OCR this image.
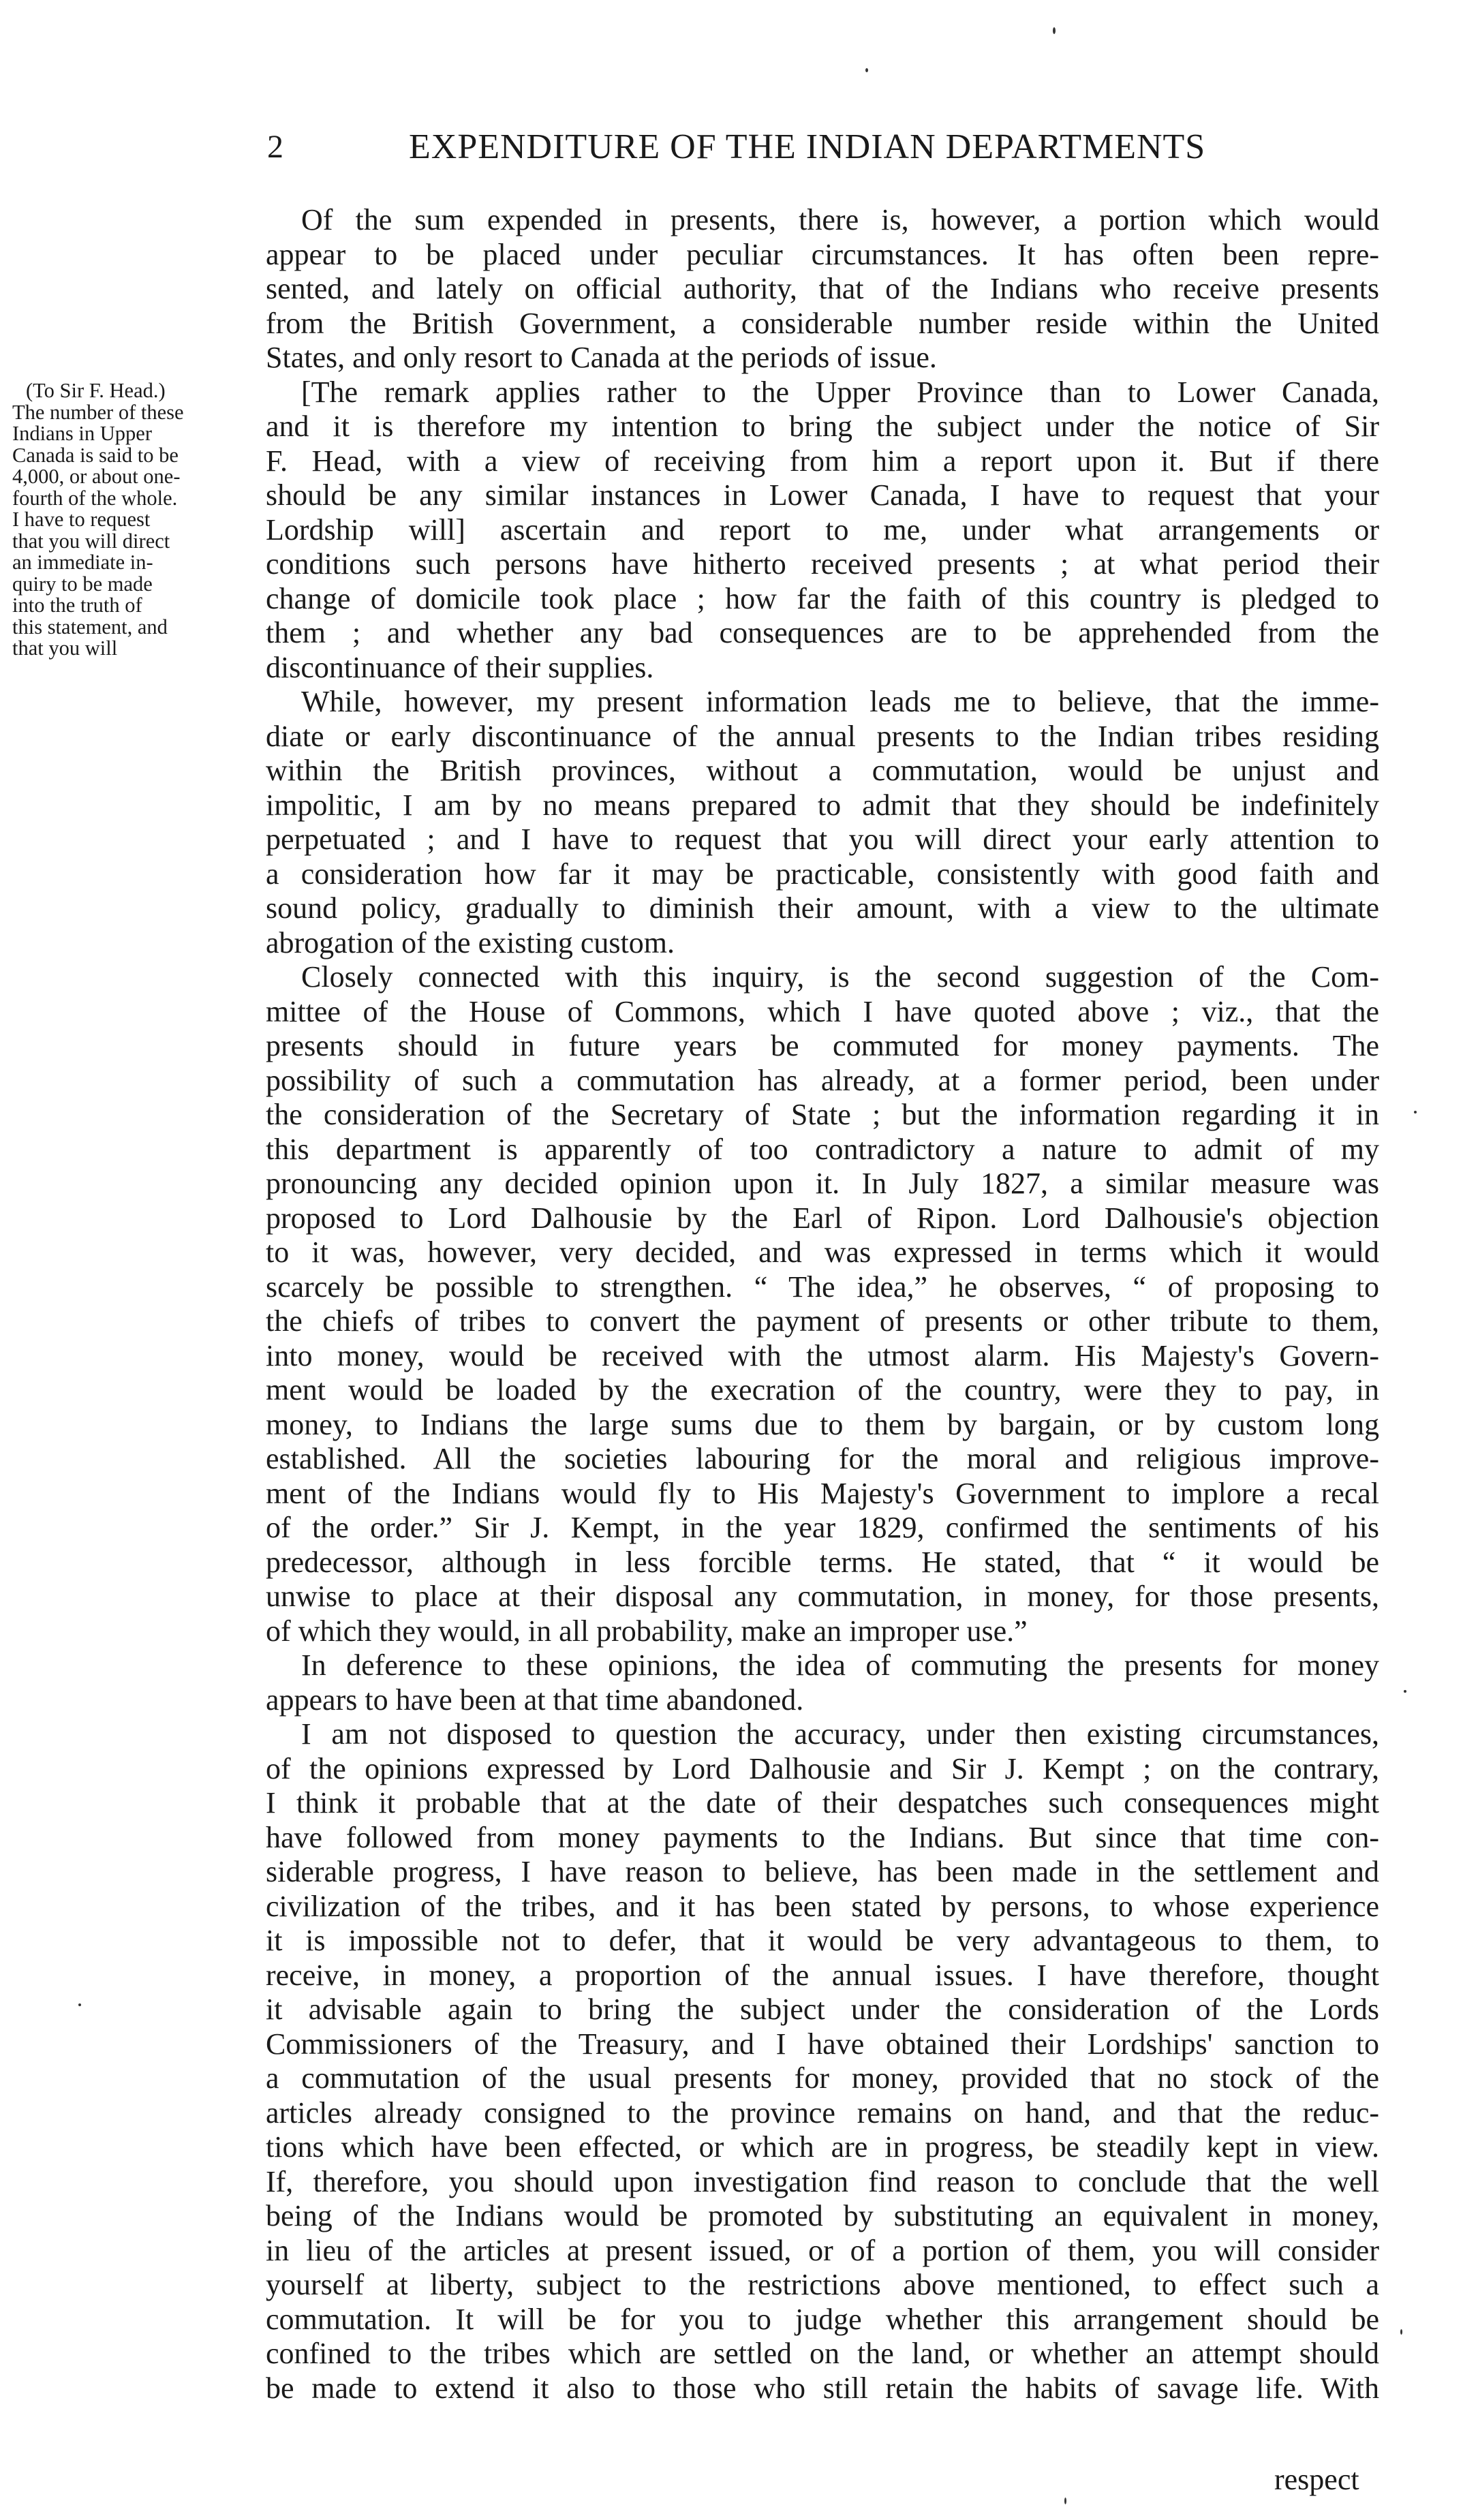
2	EXPENDITURE OF THE INDIAN DEPARTMENTS
(To Sir F. Head.)
The number of these
Indians in Upper
Canada is said to be
4,000, or about one-
fourth of the whole.
I have to request
that you will direct
an immediate in-
quiry to be made
into the truth of
this statement, and
that you will
Of the sum expended in presents, there is, however, a portion which would
appear to be placed under peculiar circumstances. It has often been repre-
sented, and lately on official authority, that of the Indians who receive presents
from the British Government, a considerable number reside within the United
States, and only resort to Canada at the periods of issue.
[The remark applies rather to the Upper Province than to Lower Canada,
and it is therefore my intention to bring the subject under the notice of Sir
F. Head, with a view of receiving from him a report upon it. But if there
should be any similar instances in Lower Canada, I have to request that your
Lordship will] ascertain and report to me, under what arrangements or
conditions such persons have hitherto received presents ; at what period their
change of domicile took place ; how far the faith of this country is pledged to
them ; and whether any bad consequences are to be apprehended from the
discontinuance of their supplies.
While, however, my present information leads me to believe, that the imme-
diate or early discontinuance of the annual presents to the Indian tribes residing
within the British provinces, without a commutation, would be unjust and
impolitic, I am by no means prepared to admit that they should be indefinitely
perpetuated ; and I have to request that you will direct your early attention to
a consideration how far it may be practicable, consistently with good faith and
sound policy, gradually to diminish their amount, with a view to the ultimate
abrogation of the existing custom.
Closely connected with this inquiry, is the second suggestion of the Com-
mittee of the House of Commons, which I have quoted above ; viz., that the
presents should in future years be commuted for money payments. The
possibility of such a commutation has already, at a former period, been under
the consideration of the Secretary of State ; but the information regarding it in
this department is apparently of too contradictory a nature to admit of my
pronouncing any decided opinion upon it. In July 1827, a similar measure was
proposed to Lord Dalhousie by the Earl of Ripon. Lord Dalhousie's objection
to it was, however, very decided, and was expressed in terms which it would
scarcely be possible to strengthen. “ The idea,” he observes, “ of proposing to
the chiefs of tribes to convert the payment of presents or other tribute to them,
into money, would be received with the utmost alarm. His Majesty's Govern-
ment would be loaded by the execration of the country, were they to pay, in
money, to Indians the large sums due to them by bargain, or by custom long
established. All the societies labouring for the moral and religious improve-
ment of the Indians would fly to His Majesty's Government to implore a recal
of the order.” Sir J. Kempt, in the year 1829, confirmed the sentiments of his
predecessor, although in less forcible terms. He stated, that “ it would be
unwise to place at their disposal any commutation, in money, for those presents,
of which they would, in all probability, make an improper use.”
In deference to these opinions, the idea of commuting the presents for money
appears to have been at that time abandoned.
I am not disposed to question the accuracy, under then existing circumstances,
of the opinions expressed by Lord Dalhousie and Sir J. Kempt ; on the contrary,
I think it probable that at the date of their despatches such consequences might
have followed from money payments to the Indians. But since that time con-
siderable progress, I have reason to believe, has been made in the settlement and
civilization of the tribes, and it has been stated by persons, to whose experience
it is impossible not to defer, that it would be very advantageous to them, to
receive, in money, a proportion of the annual issues. I have therefore, thought
it advisable again to bring the subject under the consideration of the Lords
Commissioners of the Treasury, and I have obtained their Lordships' sanction to
a commutation of the usual presents for money, provided that no stock of the
articles already consigned to the province remains on hand, and that the reduc-
tions which have been effected, or which are in progress, be steadily kept in view.
If, therefore, you should upon investigation find reason to conclude that the well
being of the Indians would be promoted by substituting an equivalent in money,
in lieu of the articles at present issued, or of a portion of them, you will consider
yourself at liberty, subject to the restrictions above mentioned, to effect such a
commutation. It will be for you to judge whether this arrangement should be
confined to the tribes which are settled on the land, or whether an attempt should
be made to extend it also to those who still retain the habits of savage life. With
respect
